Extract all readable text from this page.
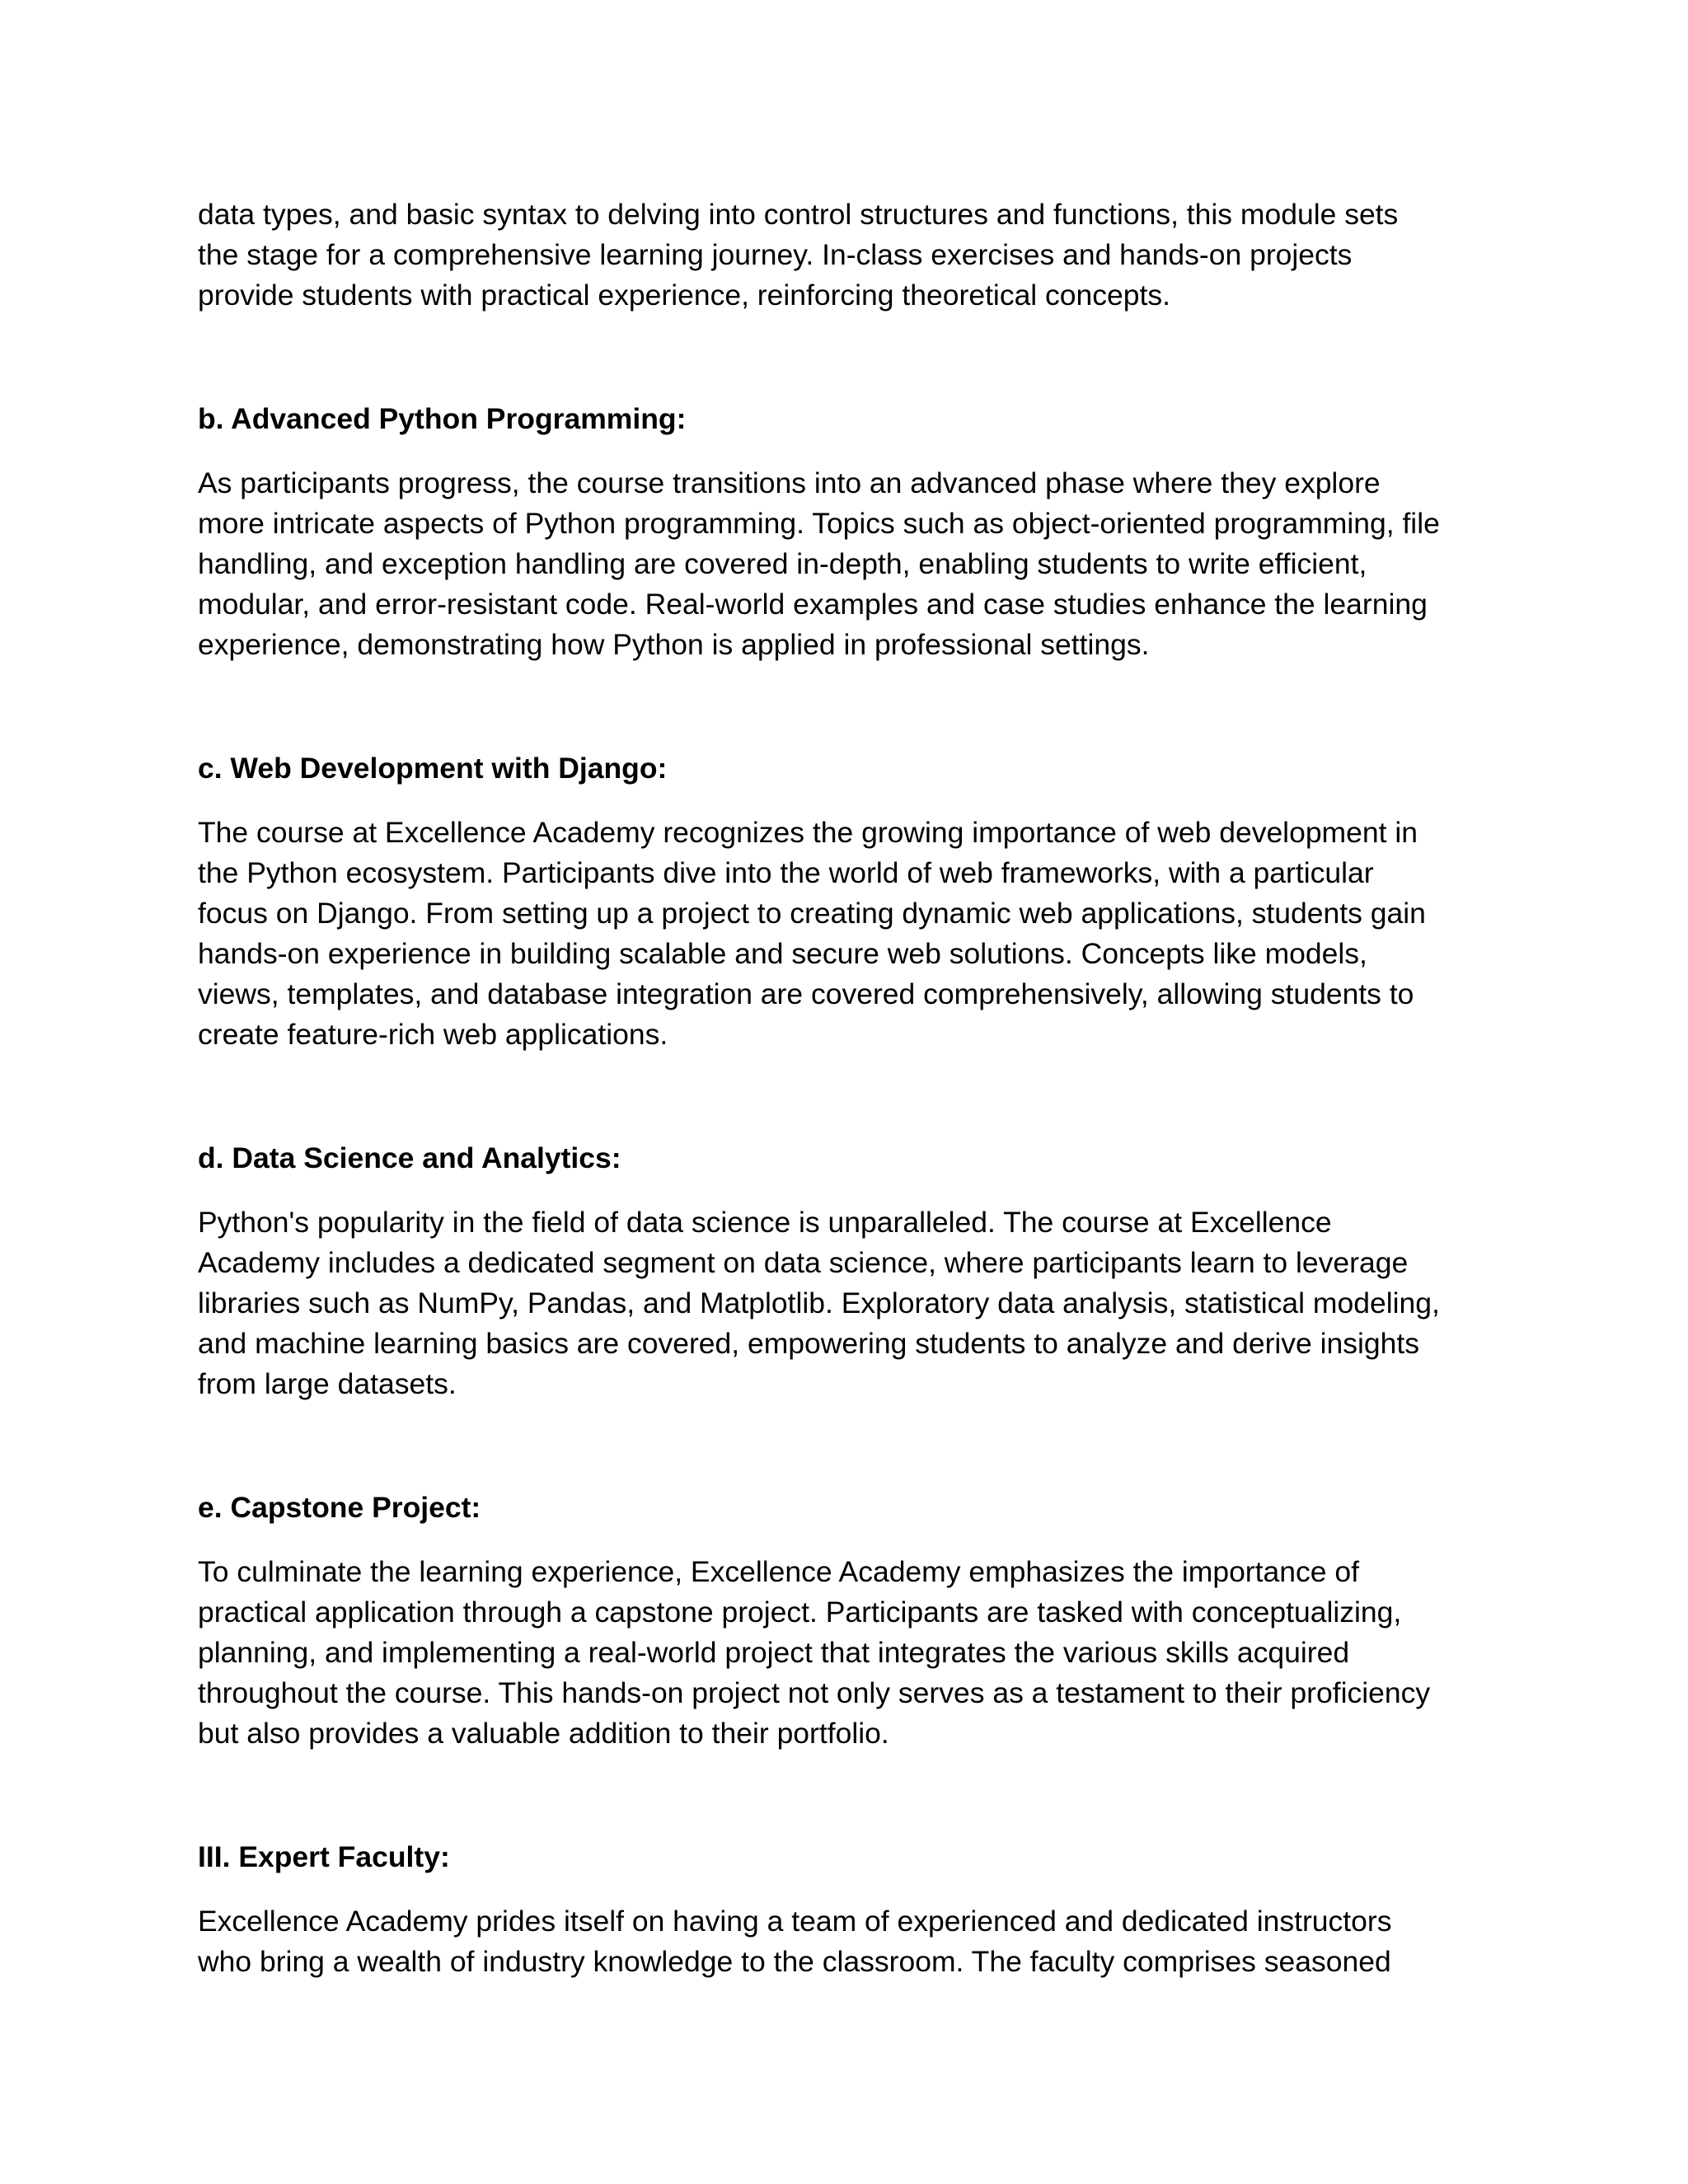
data types, and basic syntax to delving into control structures and functions, this module sets

the stage for a comprehensive learning journey. In-class exercises and hands-on projects

provide students with practical experience, reinforcing theoretical concepts.

b. Advanced Python Programming:

As participants progress, the course transitions into an advanced phase where they explore

more intricate aspects of Python programming. Topics such as object-oriented programming, file

handling, and exception handling are covered in-depth, enabling students to write efficient,

modular, and error-resistant code. Real-world examples and case studies enhance the learning

experience, demonstrating how Python is applied in professional settings.

c. Web Development with Django:

The course at Excellence Academy recognizes the growing importance of web development in

the Python ecosystem. Participants dive into the world of web frameworks, with a particular

focus on Django. From setting up a project to creating dynamic web applications, students gain

hands-on experience in building scalable and secure web solutions. Concepts like models,

views, templates, and database integration are covered comprehensively, allowing students to

create feature-rich web applications.

d. Data Science and Analytics:

Python's popularity in the field of data science is unparalleled. The course at Excellence

Academy includes a dedicated segment on data science, where participants learn to leverage

libraries such as NumPy, Pandas, and Matplotlib. Exploratory data analysis, statistical modeling,

and machine learning basics are covered, empowering students to analyze and derive insights

from large datasets.

e. Capstone Project:

To culminate the learning experience, Excellence Academy emphasizes the importance of

practical application through a capstone project. Participants are tasked with conceptualizing,

planning, and implementing a real-world project that integrates the various skills acquired

throughout the course. This hands-on project not only serves as a testament to their proficiency

but also provides a valuable addition to their portfolio.

III. Expert Faculty:

Excellence Academy prides itself on having a team of experienced and dedicated instructors

who bring a wealth of industry knowledge to the classroom. The faculty comprises seasoned
